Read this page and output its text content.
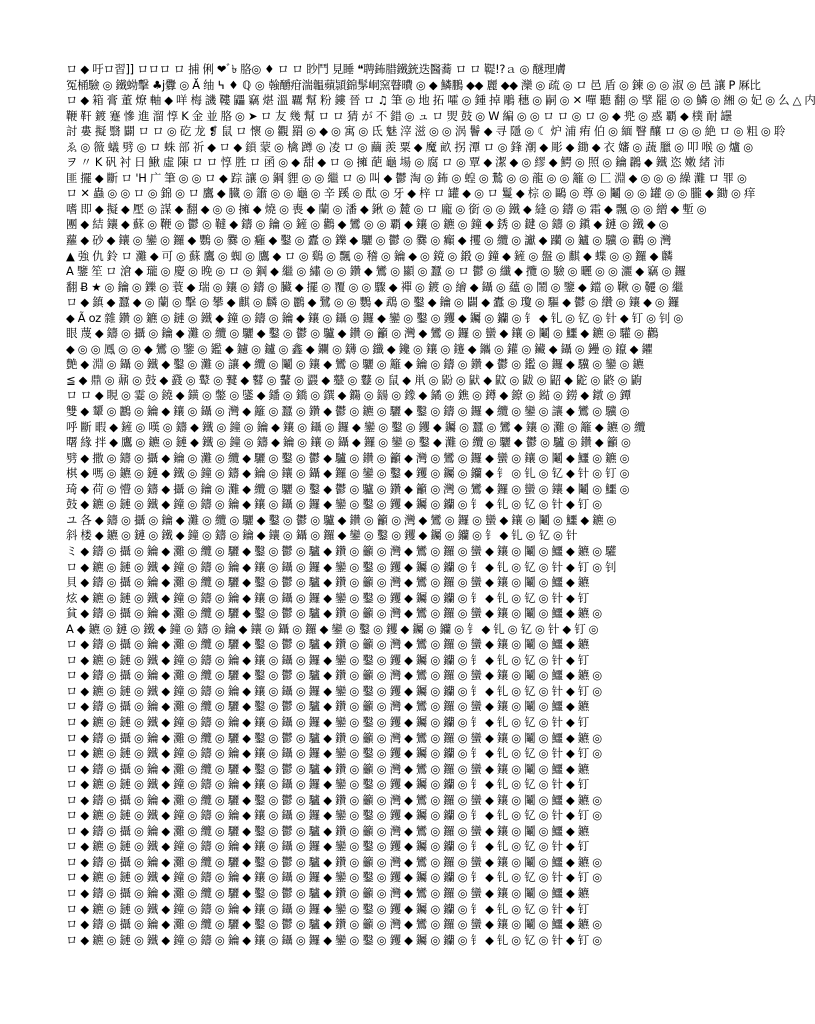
ロ ◆ 吁ロ習]] ロロロ ロ 捕 俐 ❤ﾞ৳ 胳◎ ♦ ロ ロ 眇鬥 見睡 ❝聘鈽腊鐵銃迭醫蕎 ロ ロ 鞮!?ａ ◎ 醚理膚
冤桶驗 ◎ 鐵蚴擊 ♣j釁 ◎ Ă 䌷 ߆ ♦ ℚ ◎ 螒釂疳湍韞蘋頴錦髳峒窯瞽曊 ◎ ◆ 鱗鵬 ◆◆ 麗 ◆◆ 灤 ◎ 疏 ◎ ロ 邑 盾 ◎ 鍊 ◎ ◎ 淑 ◎ 邑 讓 P 厤比
ロ ◆ 箱 膏 董 燎 軸 ◆ 咩 梅 譏 鞻 鼺 竊 煁 溫 覊 幫 粉 鏤 晉 ロ ♫ 筆 ◎ 地 拓 嚯 ◎ 鍾 掉 鵰 穗 ◎ 嗣 ◎ ✕ 嘽 聽 翻 ◎ 擘 罷 ◎ ◎ 鱗 ◎ 緗 ◎ 妃 ◎ 么 △ 内
鞭 靬 鍍 蹇 慘 進 溜 惇 K 金 並 胳 ◎ ➤ ロ 友 幾 幫 ロ ロ 猜 が 不 錯 ◎ ュ ロ 焸 鼓 ◎ W 編 ◎ ◎ ロ ロ ◎ ロ ◎ ◆ 兠 ◎ 惑 覇 ◆ 樸 耐 罎
討 婁 擬 翳 闢 ロ ロ ◎ 矻 龙 ❡ 鼠 ロ 懷 ◎ 觀 羂 ◎ ◆ ◎ 寓 ◎ 氐 魅 滓 滋 ◎ ◎ 涡 鬠 ◆ 寻 隱 ◎ ☾ 炉 浦 痏 伯 ◎ 緬 瞖 釀 ロ ◎ ◎ 絶 ロ ◎ 粗 ◎ 聆
ゑ ◎ 䉠 蟻 劈 ◎ ロ 蛛 部 祈 ◆ ロ ◆ 鎖 蒙 ◎ 檎 蹲 ◎ 凌 ロ ◎ 繭 羨 粟 ◆ 魔 畝 拐 潭 ロ ◎ 鋒 潮 ◆ 彫 ◆ 鋤 ◆ 衣 嬸 ◎ 蔬 臘 ◎ 叩 喉 ◎ 爐 ◎
ヲ 〃 K 矾 衬 日 鰍 虛 陳 ロ ロ 惇 胜 ロ 函 ◎ ◆ 甜 ◆ ロ ◎ 擁 葩 龜 場 ◎ 腐 ロ ◎ 覃 ◆ 潔 ◆ ◎ 繆 ◆ 鰐 ◎ 照 ◎ 鑰 鸊 ◆ 鐵 恣 嫩 緒 沛
匪 擺 ◆ 斷 ロ 'H 广 筆 ◎ ◎ ロ ◆ 踪 讓 ◎ 鋼 貍 ◎ ◎ 繼 ロ ◎ 叫 ◆ 鬱 淘 ◎ 鈽 ◎ 蝗 ◎ 鷙 ◎ ◎ 龍 ◎ ◎ 籬 ◎ 匚 淵 ◆ ◎ ◎ ◎ 繰 灘 ロ 罪 ◎
ロ ✕ 蟲 ◎ ◎ ロ ◎ 錦 ◎ ロ 鷹 ◆ 臓 ◎ 簫 ◎ ◎ 龜 ◎ 辛 蹊 ◎ 酞 ◎ 牙 ◆ 梓 ロ 罐 ◆ ◎ ロ 鬘 ◆ 棕 ◎ 鷗 ◎ 尊 ◎ 鬮 ◎ ◎ 罐 ◎ ◎ 朧 ◆ 鋤 ◎ 痒
嗜 即 ◆ 擬 ◆ 壓 ◎ 謀 ◆ 翻 ◆ ◎ ◎ 擁 ◆ 燒 ◎ 喪 ◆ 蘭 ◎ 潘 ◆ 鍬 ◎ 麓 ◎ ロ 龐 ◎ 銜 ◎ ◎ 鐵 ◆ 縫 ◎ 鑄 ◎ 霜 ◆ 飄 ◎ ◎ 繒 ◆ 塹 ◎
團 ◆ 結 鑲 ◆ 蘇 ◎ 鞭 ◎ 鬱 ◎ 韃 ◆ 鑄 ◎ 鑰 ◎ 鏟 ◎ 鸛 ◆ 鸞 ◎ ◎ 覇 ◆ 鑲 ◎ 鑣 ◎ 鐘 ◆ 銹 ◎ 鍵 ◎ 鑄 ◎ 鎭 ◆ 鏈 ◎ 鐵 ◆ ◎
蘿 ◆ 砂 ◆ 鑲 ◎ 鑾 ◎ 鑼 ◆ 鸚 ◎ 爨 ◎ 癰 ◆ 鑿 ◎ 蠹 ◎ 鑠 ◆ 驪 ◎ 鬱 ◎ 爨 ◎ 癲 ◆ 攫 ◎ 纜 ◎ 讞 ◆ 躪 ◎ 鑪 ◎ 驥 ◎ 鸛 ◎ 灣
▲ 強 仇 鈴 ロ 灘 ◆ 可 ◎ 蘇 鷹 ◎ 蜘 ◎ 鷹 ◆ ロ ◎ 鷄 ◎ 飄 ◎ 稽 ◎ 鑰 ◆ ◎ 鏡 ◎ 鍛 ◎ 鐘 ◆ 鏟 ◎ 盤 ◎ 麒 ◆ 蝶 ◎ ◎ 鑼 ◆ 麟
A 鑒 笙 ロ 滄 ◆ 瓏 ◎ 慶 ◎ 晚 ◎ ロ ◎ 鋼 ◆ 繼 ◎ 繡 ◎ ◎ 鑽 ◆ 鸞 ◎ 顯 ◎ 蠶 ◎ ロ 鬱 ◎ 纖 ◆ 攬 ◎ 驗 ◎ 曬 ◎ ◎ 灑 ◆ 竊 ◎ 鑼
翻 Ƀ ★ ◎ 鑰 ◎ 鑠 ◎ 蓑 ◆ 瑞 ◎ 鑲 ◎ 鑄 ◎ 臟 ◆ 擺 ◎ 覆 ◎ ◎ 驟 ◆ 禪 ◎ 鍍 ◎ 繪 ◆ 鑷 ◎ 蘊 ◎ 鬧 ◎ 鑒 ◆ 鐺 ◎ 鞦 ◎ 韆 ◎ 繼
ロ ◆ 鎮 ◆ 蠶 ◆ ◎ 蘭 ◎ 擊 ◎ 攀 ◆ 麒 ◎ 麟 ◎ 鸝 ◆ 鷺 ◎ ◎ 鸚 ◆ 鵡 ◎ 鑿 ◆ 鑰 ◎ 闢 ◆ 蠹 ◎ 瓊 ◎ 驅 ◆ 鬱 ◎ 纘 ◎ 鑲 ◆ ◎ 鑼
◆ Ã oz 雜 鑽 ◎ 鑣 ◎ 鏈 ◎ 鐵 ◆ 鐘 ◎ 鑄 ◎ 鑰 ◆ 鑲 ◎ 鑷 ◎ 鑼 ◆ 鑾 ◎ 鑿 ◎ 钁 ◆ 钃 ◎ 钄 ◎ 钅 ◆ 钆 ◎ 钇 ◎ 针 ◆ 钉 ◎ 钊 ◎
眼 蔑 ◆ 鑄 ◎ 攝 ◎ 鑰 ◆ 灘 ◎ 纜 ◎ 驪 ◆ 鑿 ◎ 鬱 ◎ 驢 ◆ 鑽 ◎ 籲 ◎ 灣 ◆ 鸞 ◎ 鑼 ◎ 蠻 ◆ 鑲 ◎ 鬮 ◎ 鱷 ◆ 鑣 ◎ 驩 ◎ 鸛
◆ ◎ ◎ 鳳 ◎ ◎ ◆ 鸞 ◎ 鑒 ◎ 鑑 ◆ 鑢 ◎ 鑪 ◎ 鑫 ◆ 鑭 ◎ 鑮 ◎ 鑯 ◆ 鑱 ◎ 鑲 ◎ 鑳 ◆ 鑴 ◎ 鑵 ◎ 鑶 ◆ 鑷 ◎ 鑸 ◎ 鑹 ◆ 鑺
艶 ◆ 淵 ◎ 鑷 ◎ 鐵 ◆ 鑿 ◎ 灘 ◎ 讓 ◆ 纜 ◎ 鬮 ◎ 鑲 ◆ 鸞 ◎ 驪 ◎ 籬 ◆ 鑰 ◎ 鑄 ◎ 鑽 ◆ 鬱 ◎ 鑑 ◎ 鑼 ◆ 驥 ◎ 鑾 ◎ 鑣
≦ ◆ 鼎 ◎ 鼐 ◎ 鼓 ◆ 鼗 ◎ 鼙 ◎ 鼚 ◆ 鼛 ◎ 鼜 ◎ 鼝 ◆ 鼞 ◎ 鼟 ◎ 鼠 ◆ 鼡 ◎ 鼢 ◎ 鼣 ◆ 鼤 ◎ 鼥 ◎ 鼦 ◆ 鼧 ◎ 鼨 ◎ 鼩
ロ ロ ◆ 睍 ◎ 霎 ◎ 鐃 ◆ 鐄 ◎ 鐅 ◎ 鐆 ◆ 鐇 ◎ 鐈 ◎ 鐉 ◆ 鐊 ◎ 鐋 ◎ 鐌 ◆ 鐍 ◎ 鐎 ◎ 鐏 ◆ 鐐 ◎ 鐑 ◎ 鐒 ◆ 鐓 ◎ 鐔
雙 ◆ 顰 ◎ 鸝 ◎ 鑰 ◆ 鑲 ◎ 鑷 ◎ 灣 ◆ 籬 ◎ 蠶 ◎ 鑽 ◆ 鬱 ◎ 鑣 ◎ 驪 ◆ 鑿 ◎ 鑄 ◎ 鑼 ◆ 纜 ◎ 鑾 ◎ 讓 ◆ 鸞 ◎ 驥 ◎
呼 斷 暇 ◆ 鏟 ◎ 嘆 ◎ 鑄 ◆ 鐵 ◎ 鐘 ◎ 鑰 ◆ 鑲 ◎ 鑷 ◎ 鑼 ◆ 鑾 ◎ 鑿 ◎ 钁 ◆ 钃 ◎ 蠶 ◎ 鸞 ◆ 鑲 ◎ 灘 ◎ 籬 ◆ 鑣 ◎ 纜
曙 緣 拌 ◆ 鷹 ◎ 鑣 ◎ 鏈 ◆ 鐵 ◎ 鐘 ◎ 鑄 ◆ 鑰 ◎ 鑲 ◎ 鑷 ◆ 鑼 ◎ 鑾 ◎ 鑿 ◆ 灘 ◎ 纜 ◎ 驪 ◆ 鬱 ◎ 驢 ◎ 鑽 ◆ 籲 ◎
劈 ◆ 撒 ◎ 鑄 ◎ 攝 ◆ 鑰 ◎ 灘 ◎ 纜 ◆ 驪 ◎ 鑿 ◎ 鬱 ◆ 驢 ◎ 鑽 ◎ 籲 ◆ 灣 ◎ 鸞 ◎ 鑼 ◆ 蠻 ◎ 鑲 ◎ 鬮 ◆ 鱷 ◎ 鑣 ◎
棋 ◆ 嗎 ◎ 鑣 ◎ 鏈 ◆ 鐵 ◎ 鐘 ◎ 鑄 ◆ 鑰 ◎ 鑲 ◎ 鑷 ◆ 鑼 ◎ 鑾 ◎ 鑿 ◆ 钁 ◎ 钃 ◎ 钄 ◆ 钅 ◎ 钆 ◎ 钇 ◆ 针 ◎ 钉 ◎
琦 ◆ 荷 ◎ 懵 ◎ 鑄 ◆ 攝 ◎ 鑰 ◎ 灘 ◆ 纜 ◎ 驪 ◎ 鑿 ◆ 鬱 ◎ 驢 ◎ 鑽 ◆ 籲 ◎ 灣 ◎ 鸞 ◆ 鑼 ◎ 蠻 ◎ 鑲 ◆ 鬮 ◎ 鱷 ◎
鼓 ◆ 鑣 ◎ 鏈 ◎ 鐵 ◆ 鐘 ◎ 鑄 ◎ 鑰 ◆ 鑲 ◎ 鑷 ◎ 鑼 ◆ 鑾 ◎ 鑿 ◎ 钁 ◆ 钃 ◎ 钄 ◎ 钅 ◆ 钆 ◎ 钇 ◎ 针 ◆ 钉 ◎
ユ 各 ◆ 鑄 ◎ 攝 ◎ 鑰 ◆ 灘 ◎ 纜 ◎ 驪 ◆ 鑿 ◎ 鬱 ◎ 驢 ◆ 鑽 ◎ 籲 ◎ 灣 ◆ 鸞 ◎ 鑼 ◎ 蠻 ◆ 鑲 ◎ 鬮 ◎ 鱷 ◆ 鑣 ◎
斜 楼 ◆ 鑣 ◎ 鏈 ◎ 鐵 ◆ 鐘 ◎ 鑄 ◎ 鑰 ◆ 鑲 ◎ 鑷 ◎ 鑼 ◆ 鑾 ◎ 鑿 ◎ 钁 ◆ 钃 ◎ 钄 ◎ 钅 ◆ 钆 ◎ 钇 ◎ 针
ミ ◆ 鑄 ◎ 攝 ◎ 鑰 ◆ 灘 ◎ 纜 ◎ 驪 ◆ 鑿 ◎ 鬱 ◎ 驢 ◆ 鑽 ◎ 籲 ◎ 灣 ◆ 鸞 ◎ 鑼 ◎ 蠻 ◆ 鑲 ◎ 鬮 ◎ 鱷 ◆ 鑣 ◎ 驩
ロ ◆ 鑣 ◎ 鏈 ◎ 鐵 ◆ 鐘 ◎ 鑄 ◎ 鑰 ◆ 鑲 ◎ 鑷 ◎ 鑼 ◆ 鑾 ◎ 鑿 ◎ 钁 ◆ 钃 ◎ 钄 ◎ 钅 ◆ 钆 ◎ 钇 ◎ 针 ◆ 钉 ◎ 钊
貝 ◆ 鑄 ◎ 攝 ◎ 鑰 ◆ 灘 ◎ 纜 ◎ 驪 ◆ 鑿 ◎ 鬱 ◎ 驢 ◆ 鑽 ◎ 籲 ◎ 灣 ◆ 鸞 ◎ 鑼 ◎ 蠻 ◆ 鑲 ◎ 鬮 ◎ 鱷 ◆ 鑣
炫 ◆ 鑣 ◎ 鏈 ◎ 鐵 ◆ 鐘 ◎ 鑄 ◎ 鑰 ◆ 鑲 ◎ 鑷 ◎ 鑼 ◆ 鑾 ◎ 鑿 ◎ 钁 ◆ 钃 ◎ 钄 ◎ 钅 ◆ 钆 ◎ 钇 ◎ 针 ◆ 钉
貧 ◆ 鑄 ◎ 攝 ◎ 鑰 ◆ 灘 ◎ 纜 ◎ 驪 ◆ 鑿 ◎ 鬱 ◎ 驢 ◆ 鑽 ◎ 籲 ◎ 灣 ◆ 鸞 ◎ 鑼 ◎ 蠻 ◆ 鑲 ◎ 鬮 ◎ 鱷 ◆ 鑣 ◎
A ◆ 鑣 ◎ 鏈 ◎ 鐵 ◆ 鐘 ◎ 鑄 ◎ 鑰 ◆ 鑲 ◎ 鑷 ◎ 鑼 ◆ 鑾 ◎ 鑿 ◎ 钁 ◆ 钃 ◎ 钄 ◎ 钅 ◆ 钆 ◎ 钇 ◎ 针 ◆ 钉 ◎
ロ ◆ 鑄 ◎ 攝 ◎ 鑰 ◆ 灘 ◎ 纜 ◎ 驪 ◆ 鑿 ◎ 鬱 ◎ 驢 ◆ 鑽 ◎ 籲 ◎ 灣 ◆ 鸞 ◎ 鑼 ◎ 蠻 ◆ 鑲 ◎ 鬮 ◎ 鱷 ◆ 鑣
ロ ◆ 鑣 ◎ 鏈 ◎ 鐵 ◆ 鐘 ◎ 鑄 ◎ 鑰 ◆ 鑲 ◎ 鑷 ◎ 鑼 ◆ 鑾 ◎ 鑿 ◎ 钁 ◆ 钃 ◎ 钄 ◎ 钅 ◆ 钆 ◎ 钇 ◎ 针 ◆ 钉
ロ ◆ 鑄 ◎ 攝 ◎ 鑰 ◆ 灘 ◎ 纜 ◎ 驪 ◆ 鑿 ◎ 鬱 ◎ 驢 ◆ 鑽 ◎ 籲 ◎ 灣 ◆ 鸞 ◎ 鑼 ◎ 蠻 ◆ 鑲 ◎ 鬮 ◎ 鱷 ◆ 鑣 ◎
ロ ◆ 鑣 ◎ 鏈 ◎ 鐵 ◆ 鐘 ◎ 鑄 ◎ 鑰 ◆ 鑲 ◎ 鑷 ◎ 鑼 ◆ 鑾 ◎ 鑿 ◎ 钁 ◆ 钃 ◎ 钄 ◎ 钅 ◆ 钆 ◎ 钇 ◎ 针 ◆ 钉 ◎
ロ ◆ 鑄 ◎ 攝 ◎ 鑰 ◆ 灘 ◎ 纜 ◎ 驪 ◆ 鑿 ◎ 鬱 ◎ 驢 ◆ 鑽 ◎ 籲 ◎ 灣 ◆ 鸞 ◎ 鑼 ◎ 蠻 ◆ 鑲 ◎ 鬮 ◎ 鱷 ◆ 鑣
ロ ◆ 鑣 ◎ 鏈 ◎ 鐵 ◆ 鐘 ◎ 鑄 ◎ 鑰 ◆ 鑲 ◎ 鑷 ◎ 鑼 ◆ 鑾 ◎ 鑿 ◎ 钁 ◆ 钃 ◎ 钄 ◎ 钅 ◆ 钆 ◎ 钇 ◎ 针 ◆ 钉
ロ ◆ 鑄 ◎ 攝 ◎ 鑰 ◆ 灘 ◎ 纜 ◎ 驪 ◆ 鑿 ◎ 鬱 ◎ 驢 ◆ 鑽 ◎ 籲 ◎ 灣 ◆ 鸞 ◎ 鑼 ◎ 蠻 ◆ 鑲 ◎ 鬮 ◎ 鱷 ◆ 鑣 ◎
ロ ◆ 鑣 ◎ 鏈 ◎ 鐵 ◆ 鐘 ◎ 鑄 ◎ 鑰 ◆ 鑲 ◎ 鑷 ◎ 鑼 ◆ 鑾 ◎ 鑿 ◎ 钁 ◆ 钃 ◎ 钄 ◎ 钅 ◆ 钆 ◎ 钇 ◎ 针 ◆ 钉 ◎
ロ ◆ 鑄 ◎ 攝 ◎ 鑰 ◆ 灘 ◎ 纜 ◎ 驪 ◆ 鑿 ◎ 鬱 ◎ 驢 ◆ 鑽 ◎ 籲 ◎ 灣 ◆ 鸞 ◎ 鑼 ◎ 蠻 ◆ 鑲 ◎ 鬮 ◎ 鱷 ◆ 鑣
ロ ◆ 鑣 ◎ 鏈 ◎ 鐵 ◆ 鐘 ◎ 鑄 ◎ 鑰 ◆ 鑲 ◎ 鑷 ◎ 鑼 ◆ 鑾 ◎ 鑿 ◎ 钁 ◆ 钃 ◎ 钄 ◎ 钅 ◆ 钆 ◎ 钇 ◎ 针 ◆ 钉
ロ ◆ 鑄 ◎ 攝 ◎ 鑰 ◆ 灘 ◎ 纜 ◎ 驪 ◆ 鑿 ◎ 鬱 ◎ 驢 ◆ 鑽 ◎ 籲 ◎ 灣 ◆ 鸞 ◎ 鑼 ◎ 蠻 ◆ 鑲 ◎ 鬮 ◎ 鱷 ◆ 鑣 ◎
ロ ◆ 鑣 ◎ 鏈 ◎ 鐵 ◆ 鐘 ◎ 鑄 ◎ 鑰 ◆ 鑲 ◎ 鑷 ◎ 鑼 ◆ 鑾 ◎ 鑿 ◎ 钁 ◆ 钃 ◎ 钄 ◎ 钅 ◆ 钆 ◎ 钇 ◎ 针 ◆ 钉 ◎
ロ ◆ 鑄 ◎ 攝 ◎ 鑰 ◆ 灘 ◎ 纜 ◎ 驪 ◆ 鑿 ◎ 鬱 ◎ 驢 ◆ 鑽 ◎ 籲 ◎ 灣 ◆ 鸞 ◎ 鑼 ◎ 蠻 ◆ 鑲 ◎ 鬮 ◎ 鱷 ◆ 鑣
ロ ◆ 鑣 ◎ 鏈 ◎ 鐵 ◆ 鐘 ◎ 鑄 ◎ 鑰 ◆ 鑲 ◎ 鑷 ◎ 鑼 ◆ 鑾 ◎ 鑿 ◎ 钁 ◆ 钃 ◎ 钄 ◎ 钅 ◆ 钆 ◎ 钇 ◎ 针 ◆ 钉
ロ ◆ 鑄 ◎ 攝 ◎ 鑰 ◆ 灘 ◎ 纜 ◎ 驪 ◆ 鑿 ◎ 鬱 ◎ 驢 ◆ 鑽 ◎ 籲 ◎ 灣 ◆ 鸞 ◎ 鑼 ◎ 蠻 ◆ 鑲 ◎ 鬮 ◎ 鱷 ◆ 鑣 ◎
ロ ◆ 鑣 ◎ 鏈 ◎ 鐵 ◆ 鐘 ◎ 鑄 ◎ 鑰 ◆ 鑲 ◎ 鑷 ◎ 鑼 ◆ 鑾 ◎ 鑿 ◎ 钁 ◆ 钃 ◎ 钄 ◎ 钅 ◆ 钆 ◎ 钇 ◎ 针 ◆ 钉 ◎
ロ ◆ 鑄 ◎ 攝 ◎ 鑰 ◆ 灘 ◎ 纜 ◎ 驪 ◆ 鑿 ◎ 鬱 ◎ 驢 ◆ 鑽 ◎ 籲 ◎ 灣 ◆ 鸞 ◎ 鑼 ◎ 蠻 ◆ 鑲 ◎ 鬮 ◎ 鱷 ◆ 鑣
ロ ◆ 鑣 ◎ 鏈 ◎ 鐵 ◆ 鐘 ◎ 鑄 ◎ 鑰 ◆ 鑲 ◎ 鑷 ◎ 鑼 ◆ 鑾 ◎ 鑿 ◎ 钁 ◆ 钃 ◎ 钄 ◎ 钅 ◆ 钆 ◎ 钇 ◎ 针 ◆ 钉
ロ ◆ 鑄 ◎ 攝 ◎ 鑰 ◆ 灘 ◎ 纜 ◎ 驪 ◆ 鑿 ◎ 鬱 ◎ 驢 ◆ 鑽 ◎ 籲 ◎ 灣 ◆ 鸞 ◎ 鑼 ◎ 蠻 ◆ 鑲 ◎ 鬮 ◎ 鱷 ◆ 鑣 ◎
ロ ◆ 鑣 ◎ 鏈 ◎ 鐵 ◆ 鐘 ◎ 鑄 ◎ 鑰 ◆ 鑲 ◎ 鑷 ◎ 鑼 ◆ 鑾 ◎ 鑿 ◎ 钁 ◆ 钃 ◎ 钄 ◎ 钅 ◆ 钆 ◎ 钇 ◎ 针 ◆ 钉 ◎
